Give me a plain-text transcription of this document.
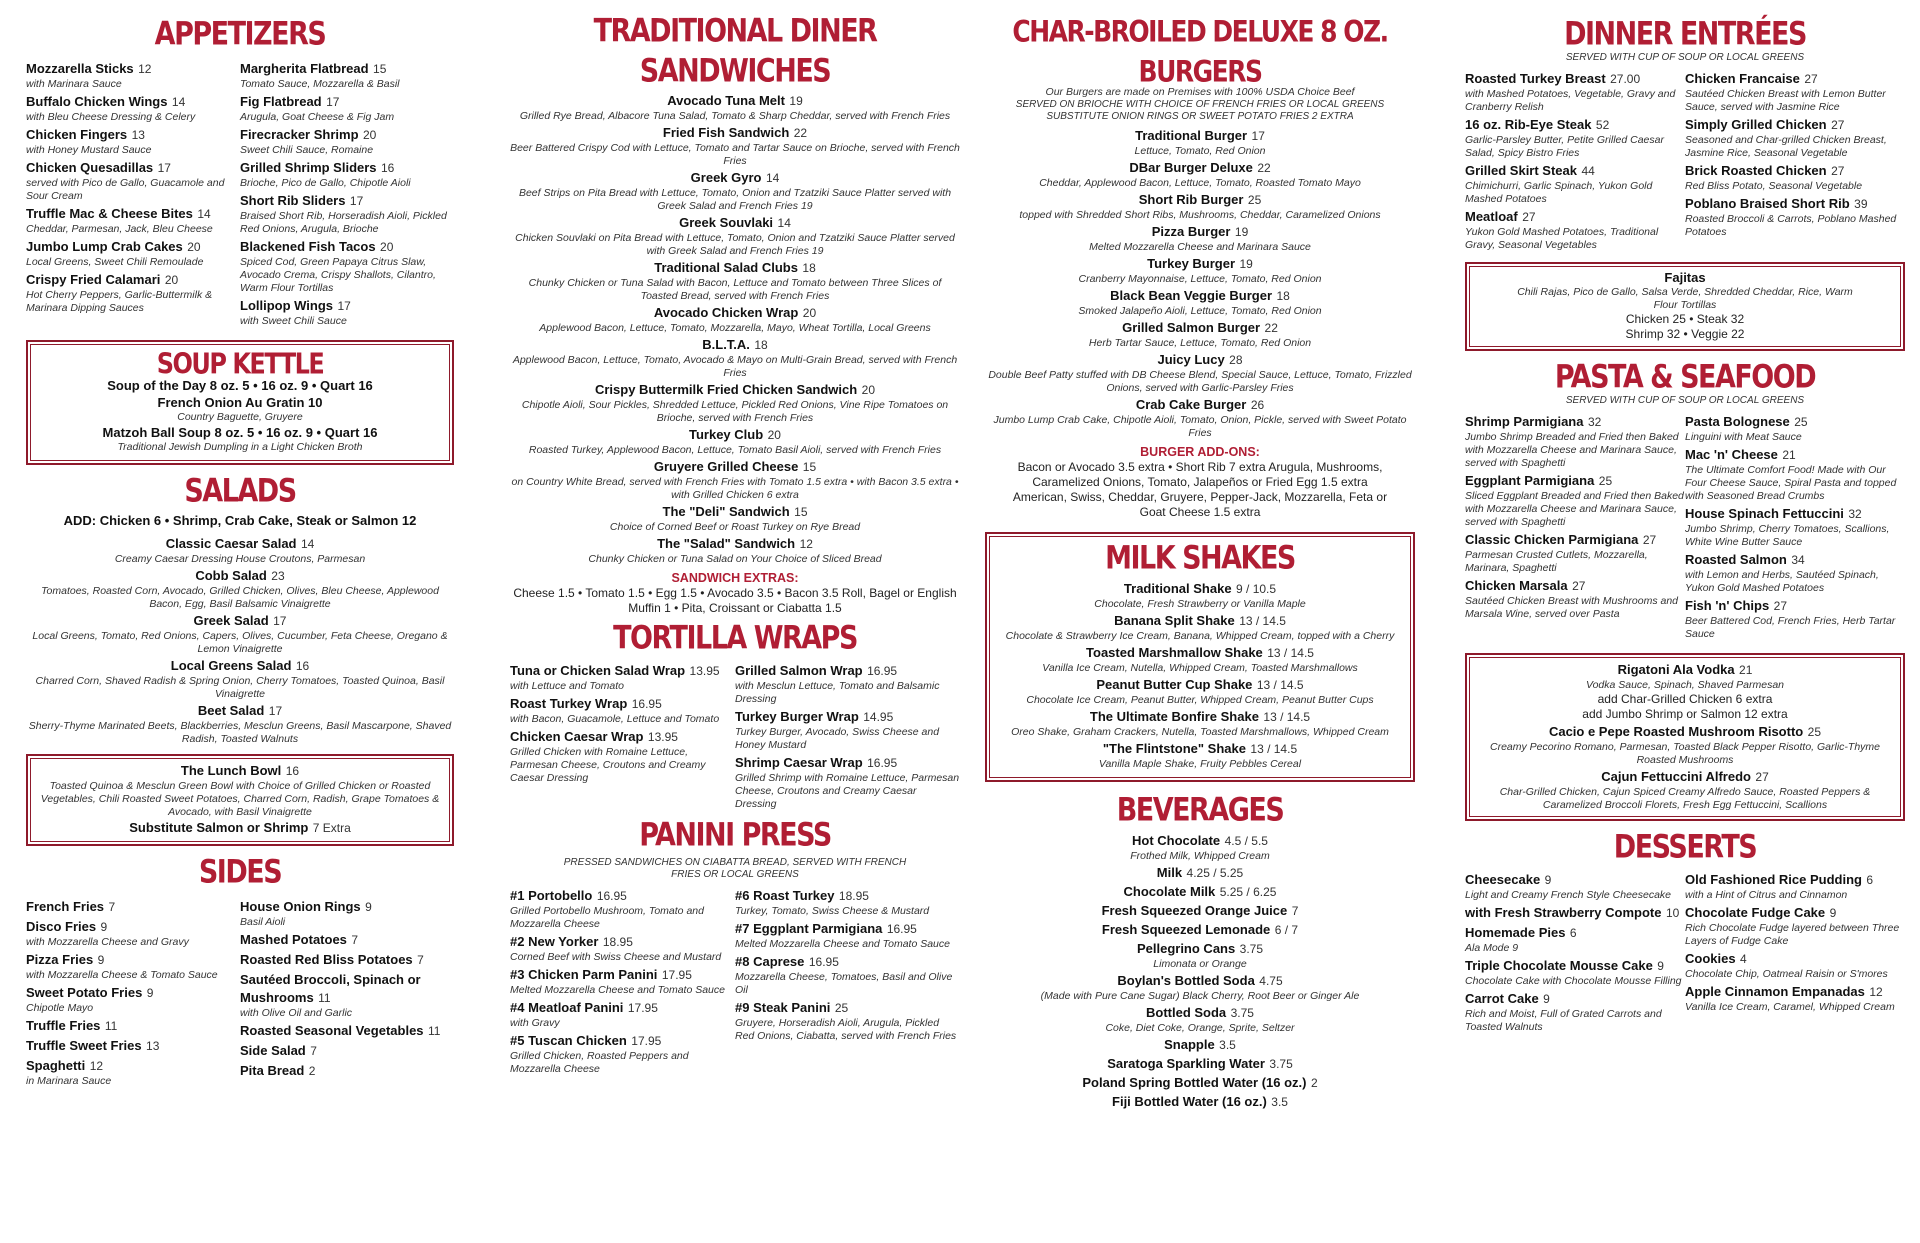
APPETIZERS
Mozzarella Sticks 12
with Marinara Sauce
Buffalo Chicken Wings 14
with Bleu Cheese Dressing & Celery
Chicken Fingers 13
with Honey Mustard Sauce
Chicken Quesadillas 17
served with Pico de Gallo, Guacamole and Sour Cream
Truffle Mac & Cheese Bites 14
Cheddar, Parmesan, Jack, Bleu Cheese
Jumbo Lump Crab Cakes 20
Local Greens, Sweet Chili Remoulade
Crispy Fried Calamari 20
Hot Cherry Peppers, Garlic-Buttermilk & Marinara Dipping Sauces
Margherita Flatbread 15
Tomato Sauce, Mozzarella & Basil
Fig Flatbread 17
Arugula, Goat Cheese & Fig Jam
Firecracker Shrimp 20
Sweet Chili Sauce, Romaine
Grilled Shrimp Sliders 16
Brioche, Pico de Gallo, Chipotle Aioli
Short Rib Sliders 17
Braised Short Rib, Horseradish Aioli, Pickled Red Onions, Arugula, Brioche
Blackened Fish Tacos 20
Spiced Cod, Green Papaya Citrus Slaw, Avocado Crema, Crispy Shallots, Cilantro, Warm Flour Tortillas
Lollipop Wings 17
with Sweet Chili Sauce
SOUP KETTLE
Soup of the Day 8 oz. 5 • 16 oz. 9 • Quart 16
French Onion Au Gratin 10
Country Baguette, Gruyere
Matzoh Ball Soup 8 oz. 5 • 16 oz. 9 • Quart 16
Traditional Jewish Dumpling in a Light Chicken Broth
SALADS
ADD: Chicken 6 • Shrimp, Crab Cake, Steak or Salmon 12
Classic Caesar Salad 14
Creamy Caesar Dressing House Croutons, Parmesan
Cobb Salad 23
Tomatoes, Roasted Corn, Avocado, Grilled Chicken, Olives, Bleu Cheese, Applewood Bacon, Egg, Basil Balsamic Vinaigrette
Greek Salad 17
Local Greens, Tomato, Red Onions, Capers, Olives, Cucumber, Feta Cheese, Oregano & Lemon Vinaigrette
Local Greens Salad 16
Charred Corn, Shaved Radish & Spring Onion, Cherry Tomatoes, Toasted Quinoa, Basil Vinaigrette
Beet Salad 17
Sherry-Thyme Marinated Beets, Blackberries, Mesclun Greens, Basil Mascarpone, Shaved Radish, Toasted Walnuts
The Lunch Bowl 16
Toasted Quinoa & Mesclun Green Bowl with Choice of Grilled Chicken or Roasted Vegetables, Chili Roasted Sweet Potatoes, Charred Corn, Radish, Grape Tomatoes & Avocado, with Basil Vinaigrette
Substitute Salmon or Shrimp 7 Extra
SIDES
French Fries 7
Disco Fries 9
with Mozzarella Cheese and Gravy
Pizza Fries 9
with Mozzarella Cheese & Tomato Sauce
Sweet Potato Fries 9
Chipotle Mayo
Truffle Fries 11
Truffle Sweet Fries 13
Spaghetti 12
in Marinara Sauce
House Onion Rings 9
Basil Aioli
Mashed Potatoes 7
Roasted Red Bliss Potatoes 7
Sautéed Broccoli, Spinach or Mushrooms 11
with Olive Oil and Garlic
Roasted Seasonal Vegetables 11
Side Salad 7
Pita Bread 2
TRADITIONAL DINER SANDWICHES
Avocado Tuna Melt 19
Grilled Rye Bread, Albacore Tuna Salad, Tomato & Sharp Cheddar, served with French Fries
Fried Fish Sandwich 22
Beer Battered Crispy Cod with Lettuce, Tomato and Tartar Sauce on Brioche, served with French Fries
Greek Gyro 14
Beef Strips on Pita Bread with Lettuce, Tomato, Onion and Tzatziki Sauce Platter served with Greek Salad and French Fries 19
Greek Souvlaki 14
Chicken Souvlaki on Pita Bread with Lettuce, Tomato, Onion and Tzatziki Sauce Platter served with Greek Salad and French Fries 19
Traditional Salad Clubs 18
Chunky Chicken or Tuna Salad with Bacon, Lettuce and Tomato between Three Slices of Toasted Bread, served with French Fries
Avocado Chicken Wrap 20
Applewood Bacon, Lettuce, Tomato, Mozzarella, Mayo, Wheat Tortilla, Local Greens
B.L.T.A. 18
Applewood Bacon, Lettuce, Tomato, Avocado & Mayo on Multi-Grain Bread, served with French Fries
Crispy Buttermilk Fried Chicken Sandwich 20
Chipotle Aioli, Sour Pickles, Shredded Lettuce, Pickled Red Onions, Vine Ripe Tomatoes on Brioche, served with French Fries
Turkey Club 20
Roasted Turkey, Applewood Bacon, Lettuce, Tomato Basil Aioli, served with French Fries
Gruyere Grilled Cheese 15
on Country White Bread, served with French Fries with Tomato 1.5 extra • with Bacon 3.5 extra • with Grilled Chicken 6 extra
The "Deli" Sandwich 15
Choice of Corned Beef or Roast Turkey on Rye Bread
The "Salad" Sandwich 12
Chunky Chicken or Tuna Salad on Your Choice of Sliced Bread
SANDWICH EXTRAS:
Cheese 1.5 • Tomato 1.5 • Egg 1.5 • Avocado 3.5 • Bacon 3.5 Roll, Bagel or English Muffin 1 • Pita, Croissant or Ciabatta 1.5
TORTILLA WRAPS
Tuna or Chicken Salad Wrap 13.95
with Lettuce and Tomato
Roast Turkey Wrap 16.95
with Bacon, Guacamole, Lettuce and Tomato
Chicken Caesar Wrap 13.95
Grilled Chicken with Romaine Lettuce, Parmesan Cheese, Croutons and Creamy Caesar Dressing
Grilled Salmon Wrap 16.95
with Mesclun Lettuce, Tomato and Balsamic Dressing
Turkey Burger Wrap 14.95
Turkey Burger, Avocado, Swiss Cheese and Honey Mustard
Shrimp Caesar Wrap 16.95
Grilled Shrimp with Romaine Lettuce, Parmesan Cheese, Croutons and Creamy Caesar Dressing
PANINI PRESS
PRESSED SANDWICHES ON CIABATTA BREAD, SERVED WITH FRENCH FRIES OR LOCAL GREENS
#1 Portobello 16.95
Grilled Portobello Mushroom, Tomato and Mozzarella Cheese
#2 New Yorker 18.95
Corned Beef with Swiss Cheese and Mustard
#3 Chicken Parm Panini 17.95
Melted Mozzarella Cheese and Tomato Sauce
#4 Meatloaf Panini 17.95
with Gravy
#5 Tuscan Chicken 17.95
Grilled Chicken, Roasted Peppers and Mozzarella Cheese
#6 Roast Turkey 18.95
Turkey, Tomato, Swiss Cheese & Mustard
#7 Eggplant Parmigiana 16.95
Melted Mozzarella Cheese and Tomato Sauce
#8 Caprese 16.95
Mozzarella Cheese, Tomatoes, Basil and Olive Oil
#9 Steak Panini 25
Gruyere, Horseradish Aioli, Arugula, Pickled Red Onions, Ciabatta, served with French Fries
CHAR-BROILED DELUXE 8 OZ. BURGERS
Our Burgers are made on Premises with 100% USDA Choice Beef
SERVED ON BRIOCHE WITH CHOICE OF FRENCH FRIES OR LOCAL GREENS SUBSTITUTE ONION RINGS OR SWEET POTATO FRIES 2 EXTRA
Traditional Burger 17
Lettuce, Tomato, Red Onion
DBar Burger Deluxe 22
Cheddar, Applewood Bacon, Lettuce, Tomato, Roasted Tomato Mayo
Short Rib Burger 25
topped with Shredded Short Ribs, Mushrooms, Cheddar, Caramelized Onions
Pizza Burger 19
Melted Mozzarella Cheese and Marinara Sauce
Turkey Burger 19
Cranberry Mayonnaise, Lettuce, Tomato, Red Onion
Black Bean Veggie Burger 18
Smoked Jalapeño Aioli, Lettuce, Tomato, Red Onion
Grilled Salmon Burger 22
Herb Tartar Sauce, Lettuce, Tomato, Red Onion
Juicy Lucy 28
Double Beef Patty stuffed with DB Cheese Blend, Special Sauce, Lettuce, Tomato, Frizzled Onions, served with Garlic-Parsley Fries
Crab Cake Burger 26
Jumbo Lump Crab Cake, Chipotle Aioli, Tomato, Onion, Pickle, served with Sweet Potato Fries
BURGER ADD-ONS:
Bacon or Avocado 3.5 extra • Short Rib 7 extra Arugula, Mushrooms, Caramelized Onions, Tomato, Jalapeños or Fried Egg 1.5 extra American, Swiss, Cheddar, Gruyere, Pepper-Jack, Mozzarella, Feta or Goat Cheese 1.5 extra
MILK SHAKES
Traditional Shake 9 / 10.5
Chocolate, Fresh Strawberry or Vanilla Maple
Banana Split Shake 13 / 14.5
Chocolate & Strawberry Ice Cream, Banana, Whipped Cream, topped with a Cherry
Toasted Marshmallow Shake 13 / 14.5
Vanilla Ice Cream, Nutella, Whipped Cream, Toasted Marshmallows
Peanut Butter Cup Shake 13 / 14.5
Chocolate Ice Cream, Peanut Butter, Whipped Cream, Peanut Butter Cups
The Ultimate Bonfire Shake 13 / 14.5
Oreo Shake, Graham Crackers, Nutella, Toasted Marshmallows, Whipped Cream
"The Flintstone" Shake 13 / 14.5
Vanilla Maple Shake, Fruity Pebbles Cereal
BEVERAGES
Hot Chocolate 4.5 / 5.5
Frothed Milk, Whipped Cream
Milk 4.25 / 5.25
Chocolate Milk 5.25 / 6.25
Fresh Squeezed Orange Juice 7
Fresh Squeezed Lemonade 6 / 7
Pellegrino Cans 3.75
Limonata or Orange
Boylan's Bottled Soda 4.75
(Made with Pure Cane Sugar) Black Cherry, Root Beer or Ginger Ale
Bottled Soda 3.75
Coke, Diet Coke, Orange, Sprite, Seltzer
Snapple 3.5
Saratoga Sparkling Water 3.75
Poland Spring Bottled Water (16 oz.) 2
Fiji Bottled Water (16 oz.) 3.5
DINNER ENTRÉES
SERVED WITH CUP OF SOUP OR LOCAL GREENS
Roasted Turkey Breast 27.00
with Mashed Potatoes, Vegetable, Gravy and Cranberry Relish
16 oz. Rib-Eye Steak 52
Garlic-Parsley Butter, Petite Grilled Caesar Salad, Spicy Bistro Fries
Grilled Skirt Steak 44
Chimichurri, Garlic Spinach, Yukon Gold Mashed Potatoes
Meatloaf 27
Yukon Gold Mashed Potatoes, Traditional Gravy, Seasonal Vegetables
Chicken Francaise 27
Sautéed Chicken Breast with Lemon Butter Sauce, served with Jasmine Rice
Simply Grilled Chicken 27
Seasoned and Char-grilled Chicken Breast, Jasmine Rice, Seasonal Vegetable
Brick Roasted Chicken 27
Red Bliss Potato, Seasonal Vegetable
Poblano Braised Short Rib 39
Roasted Broccoli & Carrots, Poblano Mashed Potatoes
Fajitas
Chili Rajas, Pico de Gallo, Salsa Verde, Shredded Cheddar, Rice, Warm Flour Tortillas
Chicken 25 • Steak 32
Shrimp 32 • Veggie 22
PASTA & SEAFOOD
SERVED WITH CUP OF SOUP OR LOCAL GREENS
Shrimp Parmigiana 32
Jumbo Shrimp Breaded and Fried then Baked with Mozzarella Cheese and Marinara Sauce, served with Spaghetti
Eggplant Parmigiana 25
Sliced Eggplant Breaded and Fried then Baked with Mozzarella Cheese and Marinara Sauce, served with Spaghetti
Classic Chicken Parmigiana 27
Parmesan Crusted Cutlets, Mozzarella, Marinara, Spaghetti
Chicken Marsala 27
Sautéed Chicken Breast with Mushrooms and Marsala Wine, served over Pasta
Pasta Bolognese 25
Linguini with Meat Sauce
Mac 'n' Cheese 21
The Ultimate Comfort Food! Made with Our Four Cheese Sauce, Spiral Pasta and topped with Seasoned Bread Crumbs
House Spinach Fettuccini 32
Jumbo Shrimp, Cherry Tomatoes, Scallions, White Wine Butter Sauce
Roasted Salmon 34
with Lemon and Herbs, Sautéed Spinach, Yukon Gold Mashed Potatoes
Fish 'n' Chips 27
Beer Battered Cod, French Fries, Herb Tartar Sauce
Rigatoni Ala Vodka 21
Vodka Sauce, Spinach, Shaved Parmesan
add Char-Grilled Chicken 6 extra
add Jumbo Shrimp or Salmon 12 extra
Cacio e Pepe Roasted Mushroom Risotto 25
Creamy Pecorino Romano, Parmesan, Toasted Black Pepper Risotto, Garlic-Thyme Roasted Mushrooms
Cajun Fettuccini Alfredo 27
Char-Grilled Chicken, Cajun Spiced Creamy Alfredo Sauce, Roasted Peppers & Caramelized Broccoli Florets, Fresh Egg Fettuccini, Scallions
DESSERTS
Cheesecake 9
Light and Creamy French Style Cheesecake
with Fresh Strawberry Compote 10
Homemade Pies 6
Ala Mode 9
Triple Chocolate Mousse Cake 9
Chocolate Cake with Chocolate Mousse Filling
Carrot Cake 9
Rich and Moist, Full of Grated Carrots and Toasted Walnuts
Old Fashioned Rice Pudding 6
with a Hint of Citrus and Cinnamon
Chocolate Fudge Cake 9
Rich Chocolate Fudge layered between Three Layers of Fudge Cake
Cookies 4
Chocolate Chip, Oatmeal Raisin or S'mores
Apple Cinnamon Empanadas 12
Vanilla Ice Cream, Caramel, Whipped Cream
